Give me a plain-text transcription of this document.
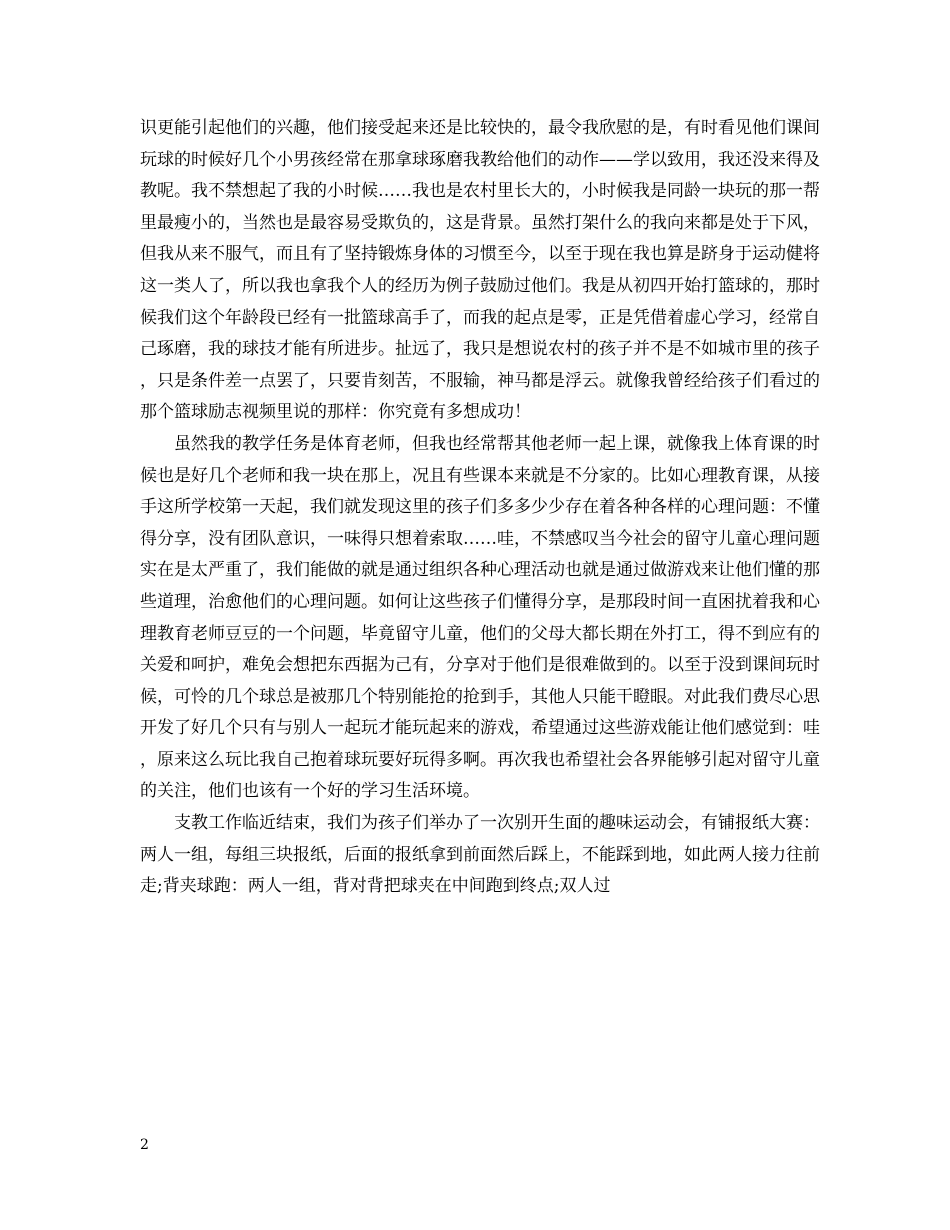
识更能引起他们的兴趣，他们接受起来还是比较快的，最令我欣慰的是，有时看见他们课间玩球的时候好几个小男孩经常在那拿球琢磨我教给他们的动作——学以致用，我还没来得及教呢。我不禁想起了我的小时候……我也是农村里长大的，小时候我是同龄一块玩的那一帮里最瘦小的，当然也是最容易受欺负的，这是背景。虽然打架什么的我向来都是处于下风，但我从来不服气，而且有了坚持锻炼身体的习惯至今，以至于现在我也算是跻身于运动健将这一类人了，所以我也拿我个人的经历为例子鼓励过他们。我是从初四开始打篮球的，那时候我们这个年龄段已经有一批篮球高手了，而我的起点是零，正是凭借着虚心学习，经常自己琢磨，我的球技才能有所进步。扯远了，我只是想说农村的孩子并不是不如城市里的孩子，只是条件差一点罢了，只要肯刻苦，不服输，神马都是浮云。就像我曾经给孩子们看过的那个篮球励志视频里说的那样：你究竟有多想成功！

虽然我的教学任务是体育老师，但我也经常帮其他老师一起上课，就像我上体育课的时候也是好几个老师和我一块在那上，况且有些课本来就是不分家的。比如心理教育课，从接手这所学校第一天起，我们就发现这里的孩子们多多少少存在着各种各样的心理问题：不懂得分享，没有团队意识，一味得只想着索取……哇，不禁感叹当今社会的留守儿童心理问题实在是太严重了，我们能做的就是通过组织各种心理活动也就是通过做游戏来让他们懂的那些道理，治愈他们的心理问题。如何让这些孩子们懂得分享，是那段时间一直困扰着我和心理教育老师豆豆的一个问题，毕竟留守儿童，他们的父母大都长期在外打工，得不到应有的关爱和呵护，难免会想把东西据为己有，分享对于他们是很难做到的。以至于没到课间玩时候，可怜的几个球总是被那几个特别能抢的抢到手，其他人只能干瞪眼。对此我们费尽心思开发了好几个只有与别人一起玩才能玩起来的游戏，希望通过这些游戏能让他们感觉到：哇，原来这么玩比我自己抱着球玩要好玩得多啊。再次我也希望社会各界能够引起对留守儿童的关注，他们也该有一个好的学习生活环境。

支教工作临近结束，我们为孩子们举办了一次别开生面的趣味运动会，有铺报纸大赛：两人一组，每组三块报纸，后面的报纸拿到前面然后踩上，不能踩到地，如此两人接力往前走;背夹球跑：两人一组，背对背把球夹在中间跑到终点;双人过

2
